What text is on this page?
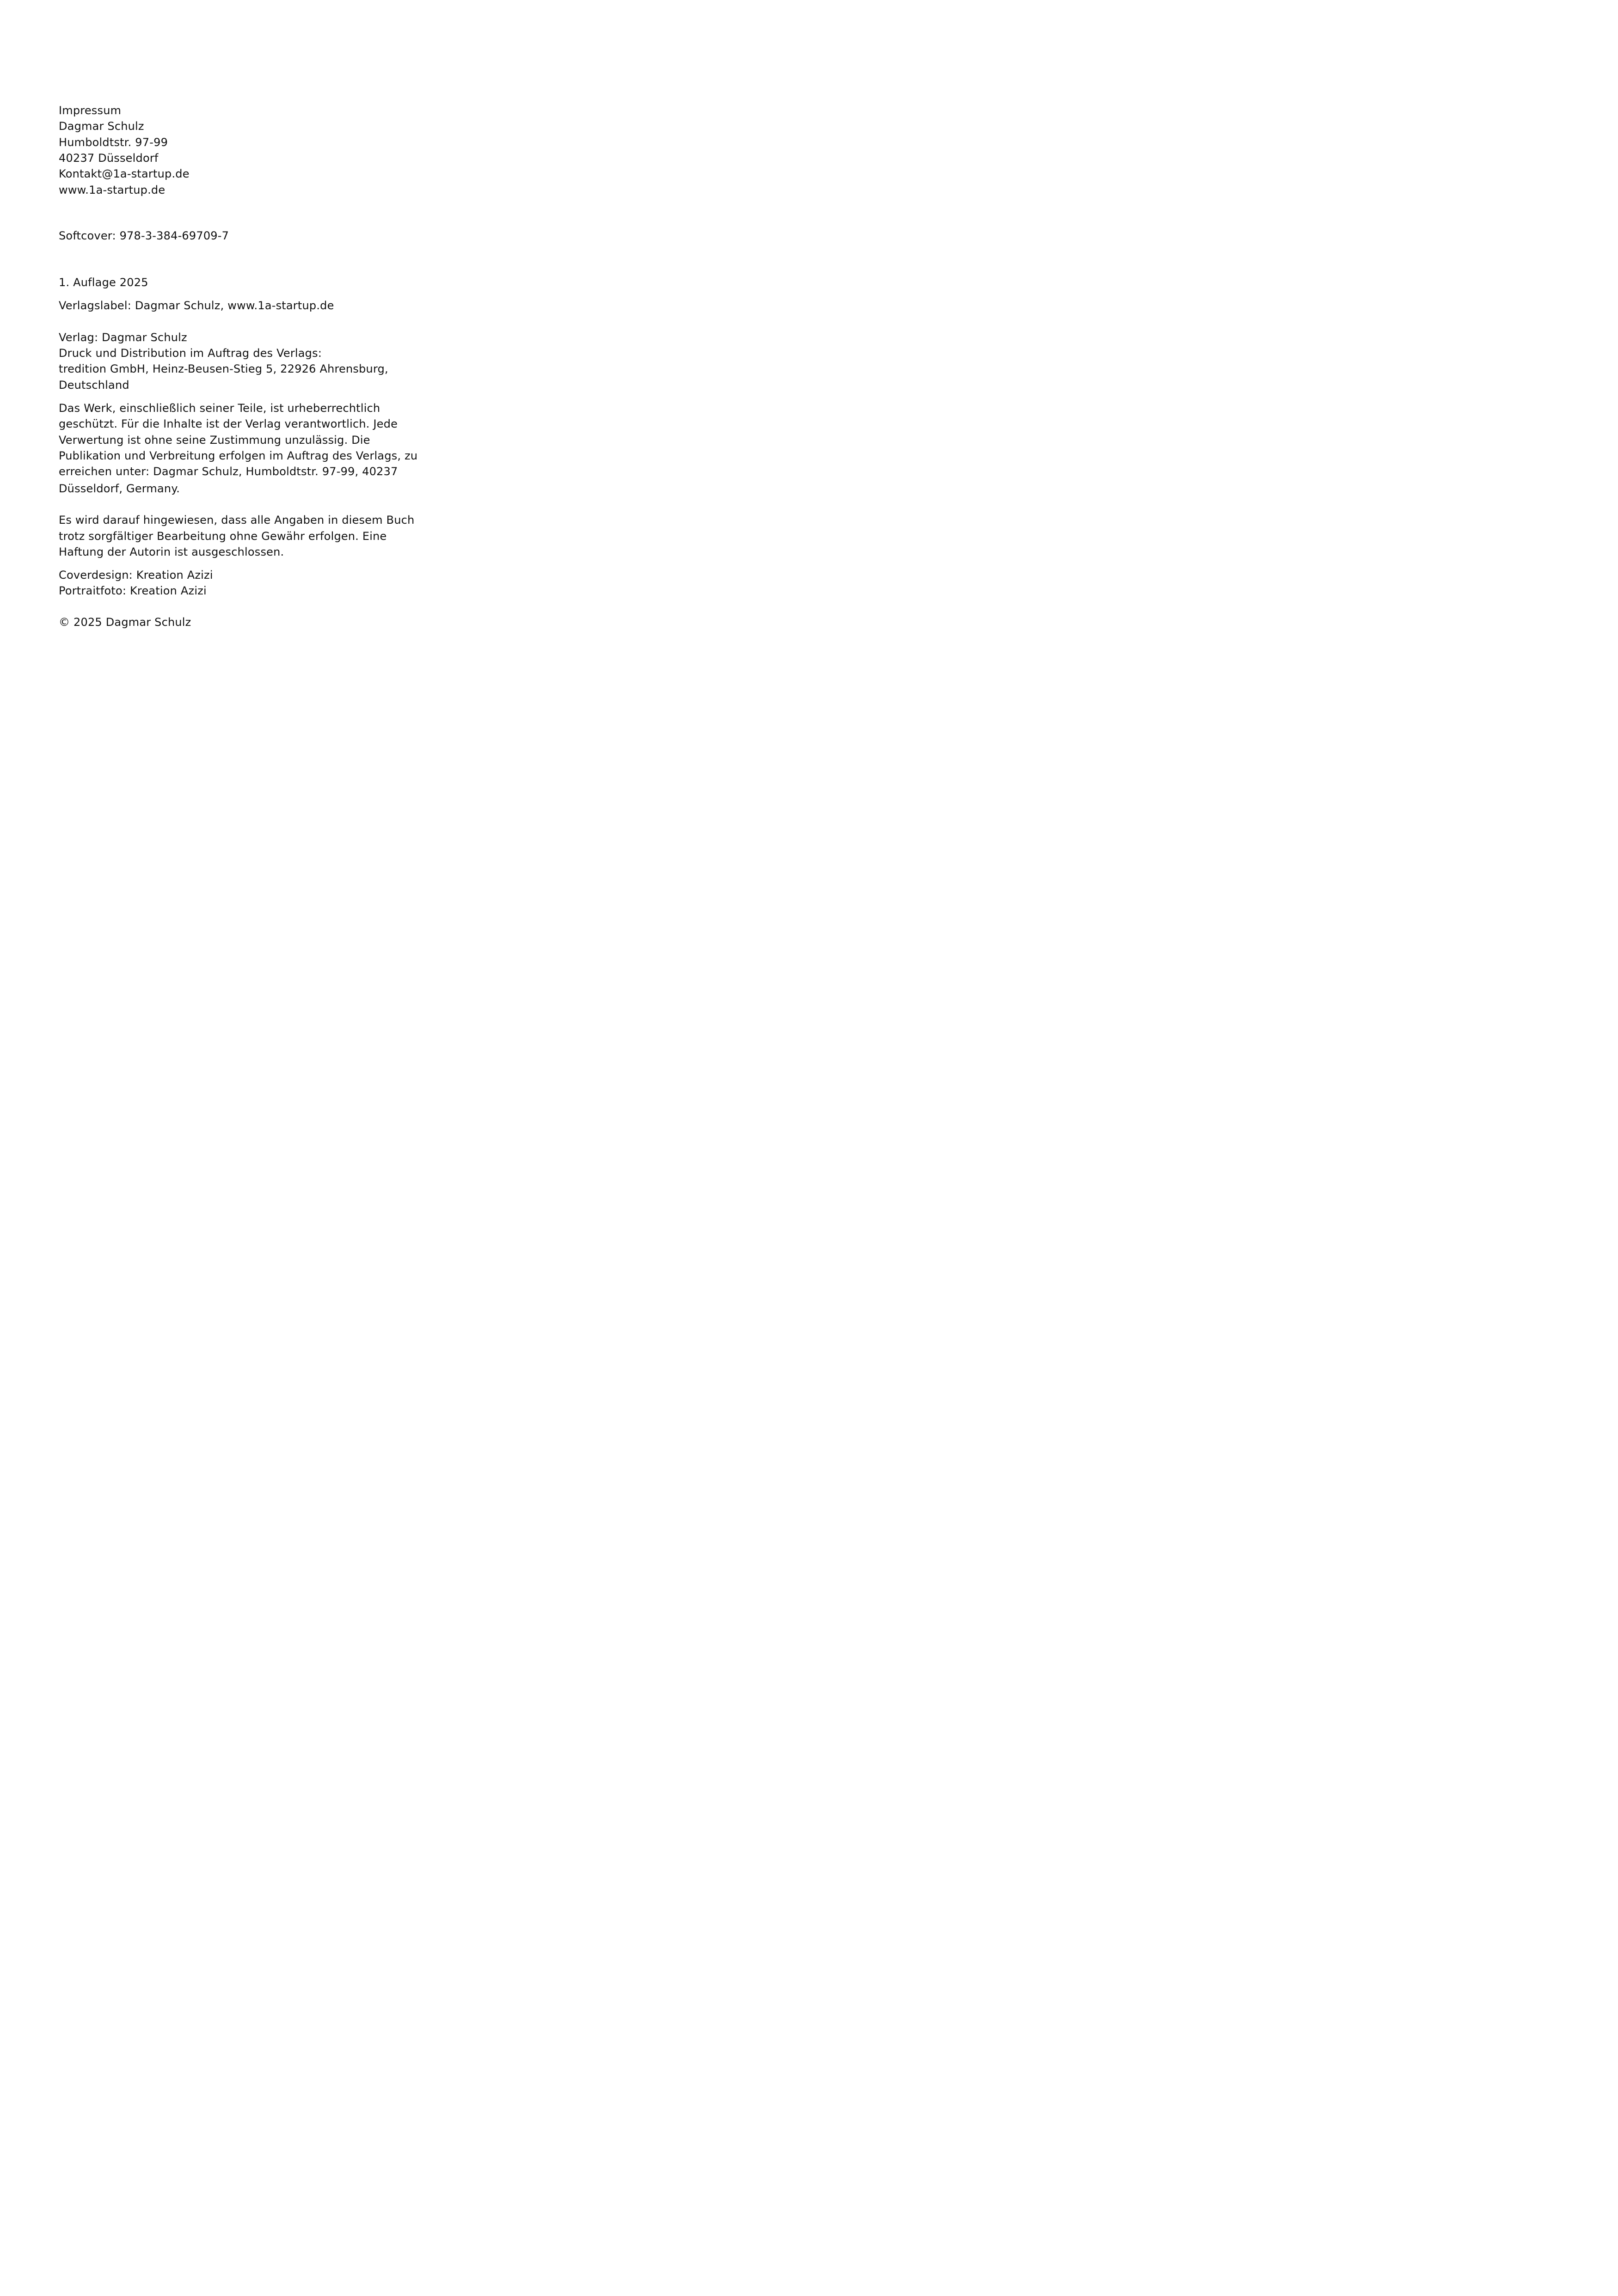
Impressum
Dagmar Schulz
Humboldtstr. 97-99
40237 Düsseldorf
Kontakt@1a-startup.de
www.1a-startup.de
Softcover: 978-3-384-69709-7
1. Auflage 2025
Verlagslabel: Dagmar Schulz, www.1a-startup.de
Verlag: Dagmar Schulz
Druck und Distribution im Auftrag des Verlags:
tredition GmbH, Heinz-Beusen-Stieg 5, 22926 Ahrensburg,
Deutschland
Das Werk, einschließlich seiner Teile, ist urheberrechtlich
geschützt. Für die Inhalte ist der Verlag verantwortlich. Jede
Verwertung ist ohne seine Zustimmung unzulässig. Die
Publikation und Verbreitung erfolgen im Auftrag des Verlags, zu
erreichen unter: Dagmar Schulz, Humboldtstr. 97-99, 40237
Düsseldorf, Germany.
Es wird darauf hingewiesen, dass alle Angaben in diesem Buch
trotz sorgfältiger Bearbeitung ohne Gewähr erfolgen. Eine
Haftung der Autorin ist ausgeschlossen.
Coverdesign: Kreation Azizi
Portraitfoto: Kreation Azizi
© 2025 Dagmar Schulz
